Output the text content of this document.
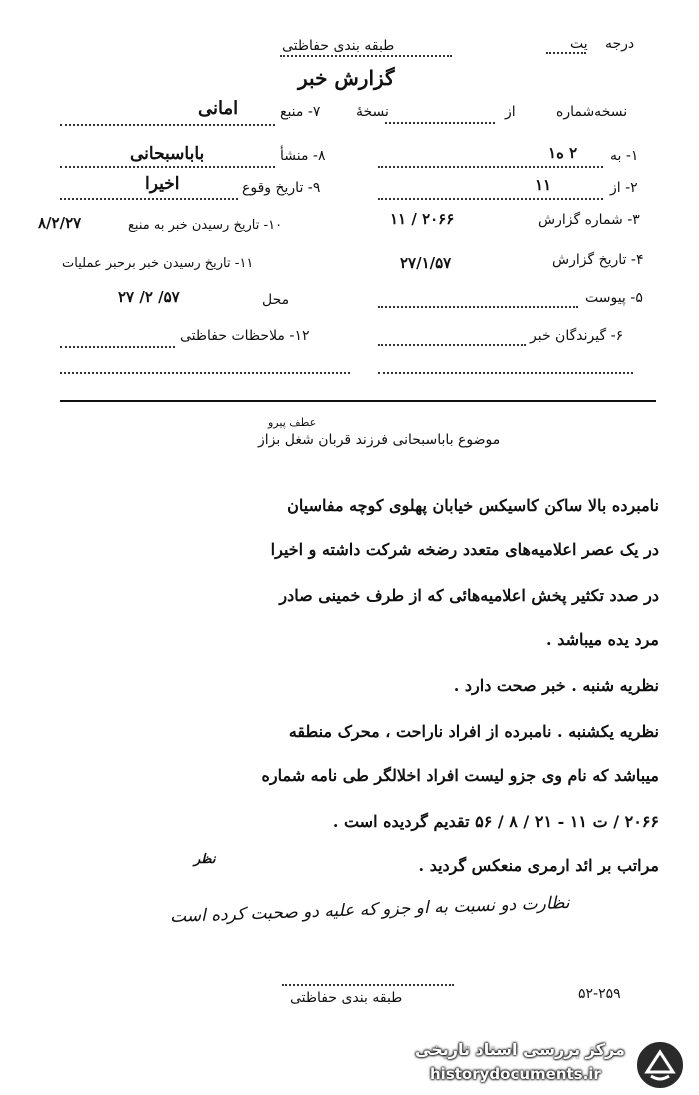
طبقه بندی حفاظتی	درجه
یت
گزارش خبر
نسخه‌شماره
از
نسخهٔ
۱- به
۲ ه۱
۲- از
۱۱
۳- شماره گزارش
۲۰۶۶ / ۱۱
۴- تاریخ گزارش
۲۷/۱/۵۷
۵- پیوست
۶- گیرندگان خبر
۷- منبع
امانی
۸- منشأ
باباسبحانی
۹- تاریخ وقوع
اخیرا
۱۰- تاریخ رسیدن خبر به منبع
۸/۲/۲۷
۱۱- تاریخ رسیدن خبر برحبر عملیات
محل
۵۷/ ۲/ ۲۷
۱۲- ملاحظات حفاظتی
عطف پیرو
موضوع باباسبحانی فرزند قربان شغل بزاز
نامبرده بالا ساکن کاسیکس خیابان پهلوی کوچه مفاسیان
در یک عصر اعلامیه‌های متعدد رضخه شرکت داشته و اخیرا
در صدد تکثیر پخش اعلامیه‌هائی که از طرف خمینی صادر
مرد یده میباشد .
نظریه شنبه . خبر صحت دارد .
نظریه یکشنبه . نامبرده از افراد ناراحت ، محرک منطقه
میباشد که نام وی جزو لیست افراد اخلالگر طی نامه شماره
۲۰۶۶ / ت ۱۱ - ۲۱ / ۸ / ۵۶ تقدیم گردیده است .
مراتب بر ائد ارمری منعکس گردید .
نظر
نظارت دو نسبت به او جزو که علیه دو صحبت کرده است
طبقه بندی حفاظتی	۵۲-۲۵۹
مرکز بررسی اسناد تاریخی
historydocuments.ir
